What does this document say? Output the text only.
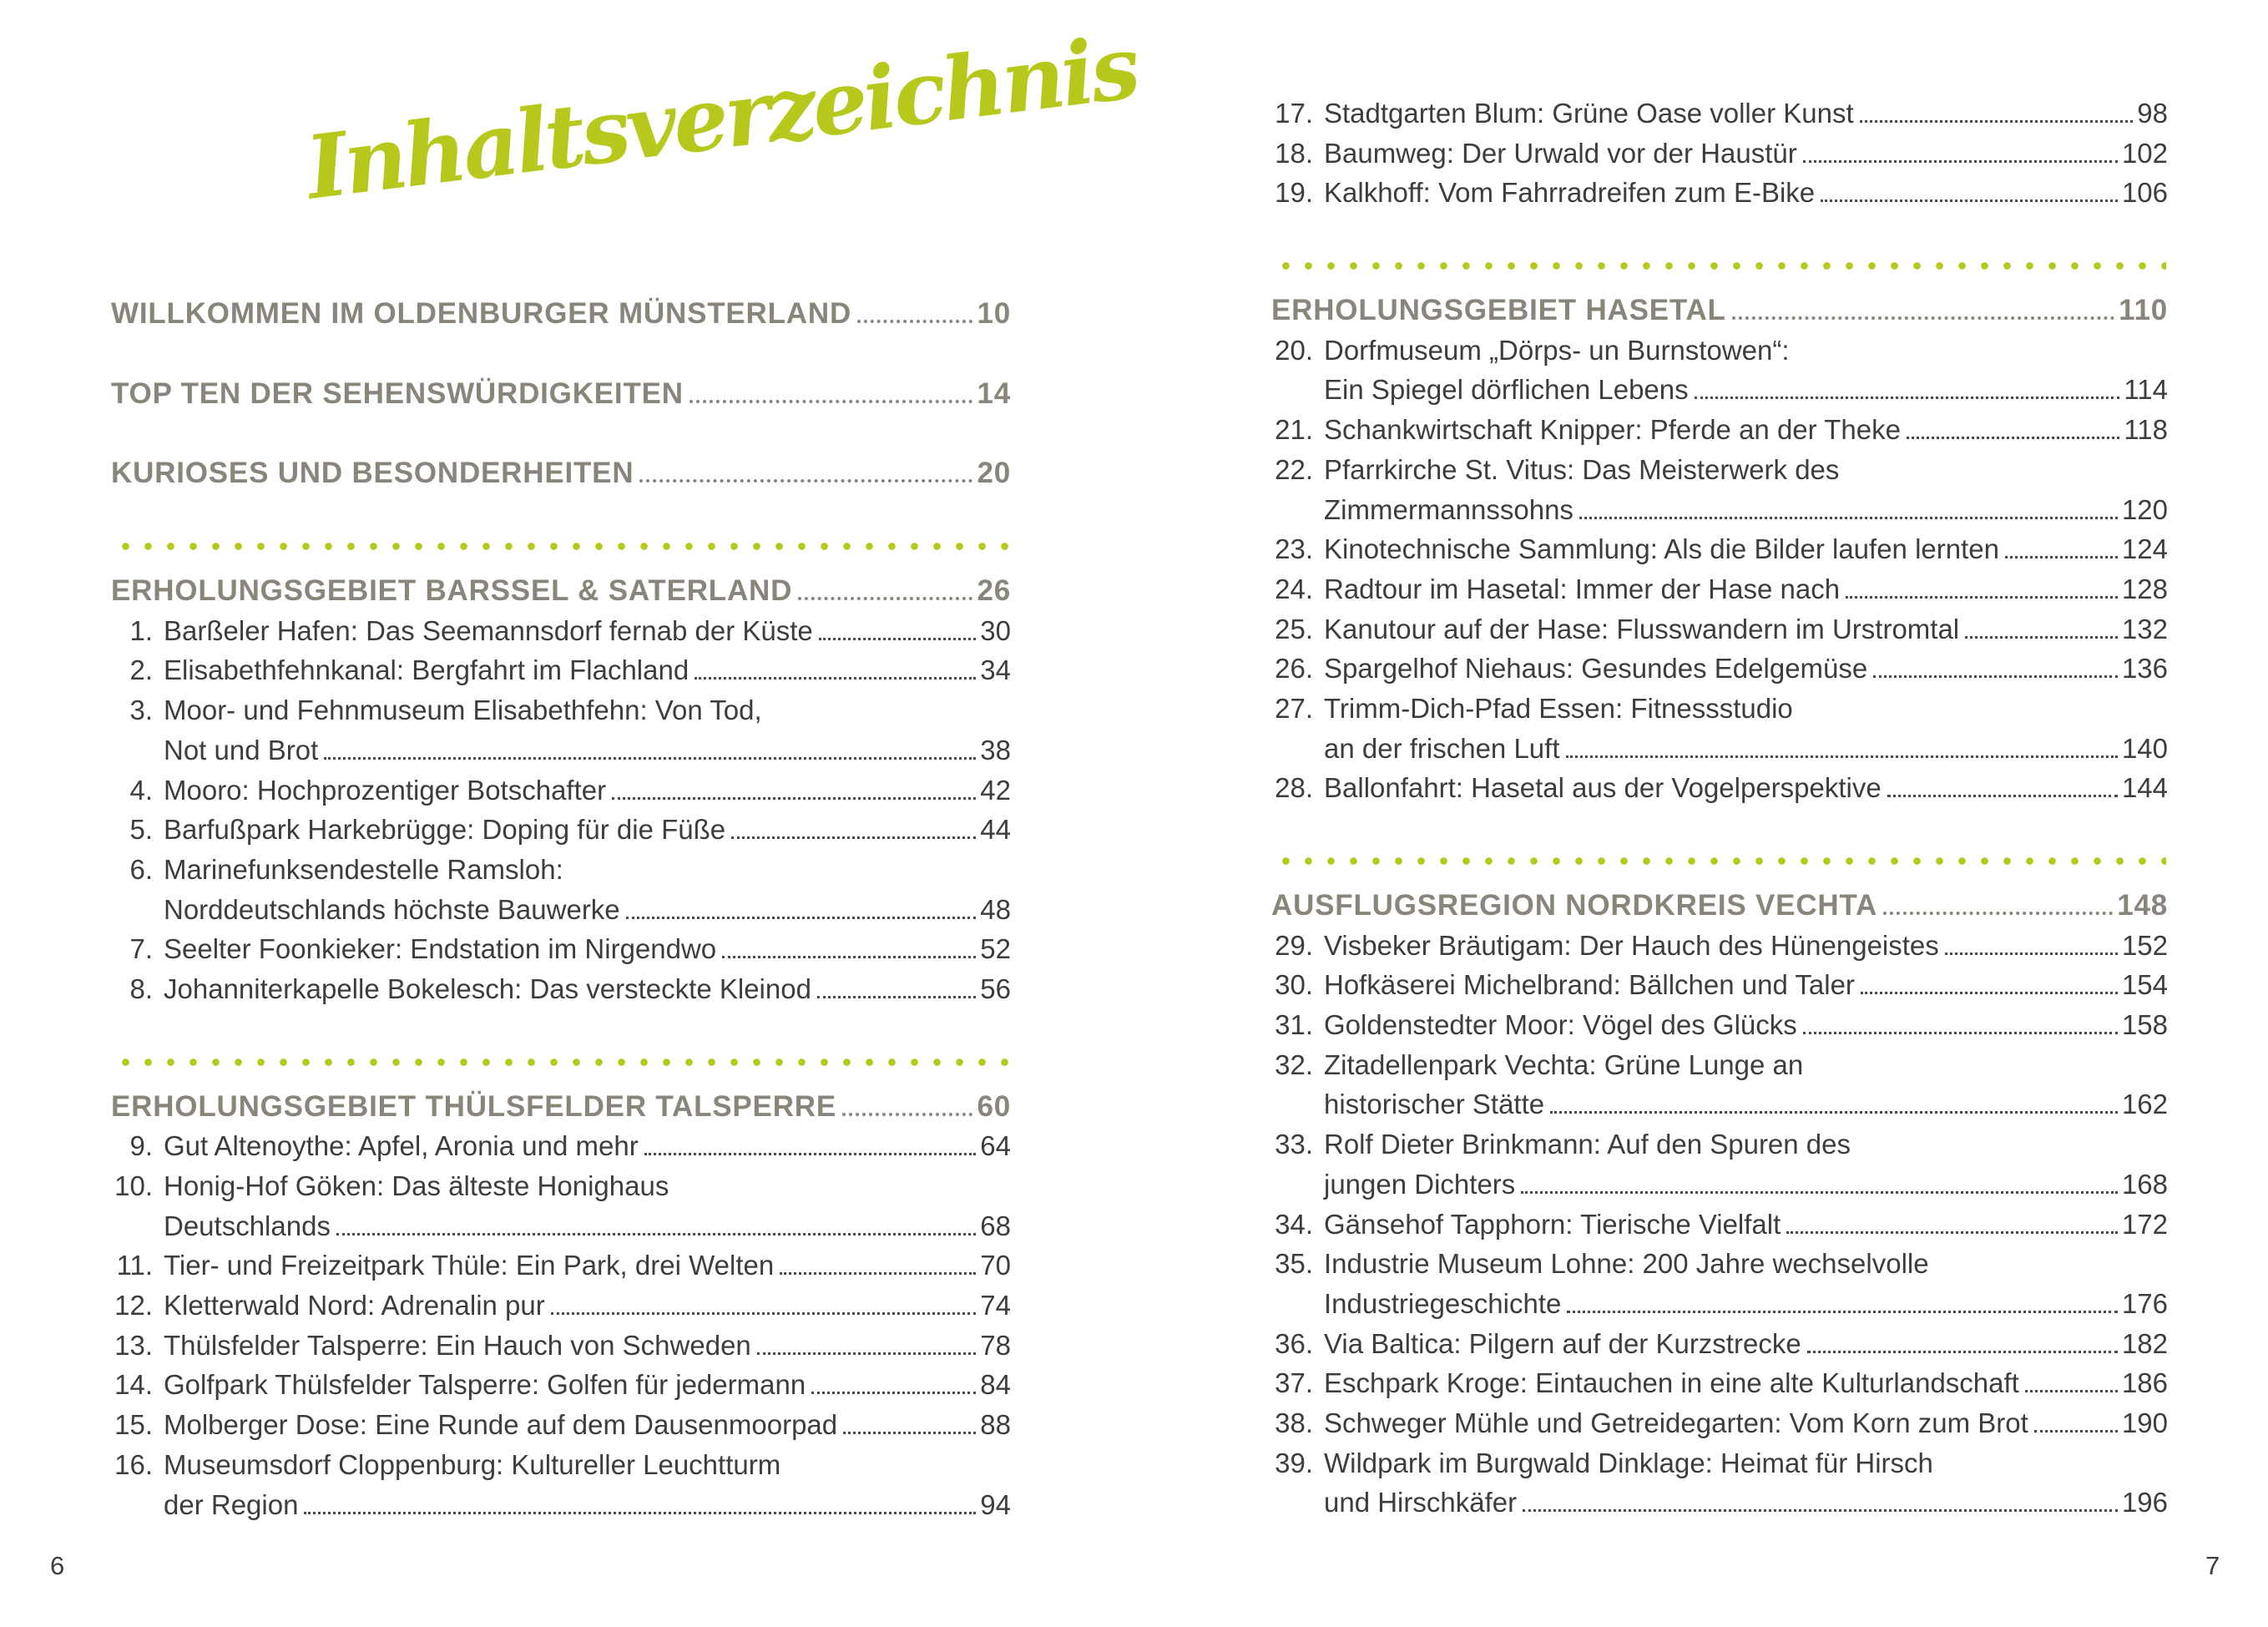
Inhaltsverzeichnis
WILLKOMMEN IM OLDENBURGER MÜNSTERLAND	10
TOP TEN DER SEHENSWÜRDIGKEITEN	14
KURIOSES UND BESONDERHEITEN	20
ERHOLUNGSGEBIET BARSSEL & SATERLAND	26
1. Barßeler Hafen: Das Seemannsdorf fernab der Küste	30
2. Elisabethfehnkanal: Bergfahrt im Flachland	34
3. Moor- und Fehnmuseum Elisabethfehn: Von Tod,
Not und Brot	38
4. Mooro: Hochprozentiger Botschafter	42
5. Barfußpark Harkebrügge: Doping für die Füße	44
6. Marinefunksendestelle Ramsloh:
Norddeutschlands höchste Bauwerke	48
7. Seelter Foonkieker: Endstation im Nirgendwo	52
8. Johanniterkapelle Bokelesch: Das versteckte Kleinod	56
ERHOLUNGSGEBIET THÜLSFELDER TALSPERRE	60
9. Gut Altenoythe: Apfel, Aronia und mehr	64
10. Honig-Hof Göken: Das älteste Honighaus
Deutschlands	68
11. Tier- und Freizeitpark Thüle: Ein Park, drei Welten	70
12. Kletterwald Nord: Adrenalin pur	74
13. Thülsfelder Talsperre: Ein Hauch von Schweden	78
14. Golfpark Thülsfelder Talsperre: Golfen für jedermann	84
15. Molberger Dose: Eine Runde auf dem Dausenmoorpad	88
16. Museumsdorf Cloppenburg: Kultureller Leuchtturm
der Region	94
17. Stadtgarten Blum: Grüne Oase voller Kunst	98
18. Baumweg: Der Urwald vor der Haustür	102
19. Kalkhoff: Vom Fahrradreifen zum E-Bike	106
ERHOLUNGSGEBIET HASETAL	110
20. Dorfmuseum „Dörps- un Burnstowen“:
Ein Spiegel dörflichen Lebens	114
21. Schankwirtschaft Knipper: Pferde an der Theke	118
22. Pfarrkirche St. Vitus: Das Meisterwerk des
Zimmermannssohns	120
23. Kinotechnische Sammlung: Als die Bilder laufen lernten	124
24. Radtour im Hasetal: Immer der Hase nach	128
25. Kanutour auf der Hase: Flusswandern im Urstromtal	132
26. Spargelhof Niehaus: Gesundes Edelgemüse	136
27. Trimm-Dich-Pfad Essen: Fitnessstudio
an der frischen Luft	140
28. Ballonfahrt: Hasetal aus der Vogelperspektive	144
AUSFLUGSREGION NORDKREIS VECHTA	148
29. Visbeker Bräutigam: Der Hauch des Hünengeistes	152
30. Hofkäserei Michelbrand: Bällchen und Taler	154
31. Goldenstedter Moor: Vögel des Glücks	158
32. Zitadellenpark Vechta: Grüne Lunge an
historischer Stätte	162
33. Rolf Dieter Brinkmann: Auf den Spuren des
jungen Dichters	168
34. Gänsehof Tapphorn: Tierische Vielfalt	172
35. Industrie Museum Lohne: 200 Jahre wechselvolle
Industriegeschichte	176
36. Via Baltica: Pilgern auf der Kurzstrecke	182
37. Eschpark Kroge: Eintauchen in eine alte Kulturlandschaft	186
38. Schweger Mühle und Getreidegarten: Vom Korn zum Brot	190
39. Wildpark im Burgwald Dinklage: Heimat für Hirsch
und Hirschkäfer	196
6	7
